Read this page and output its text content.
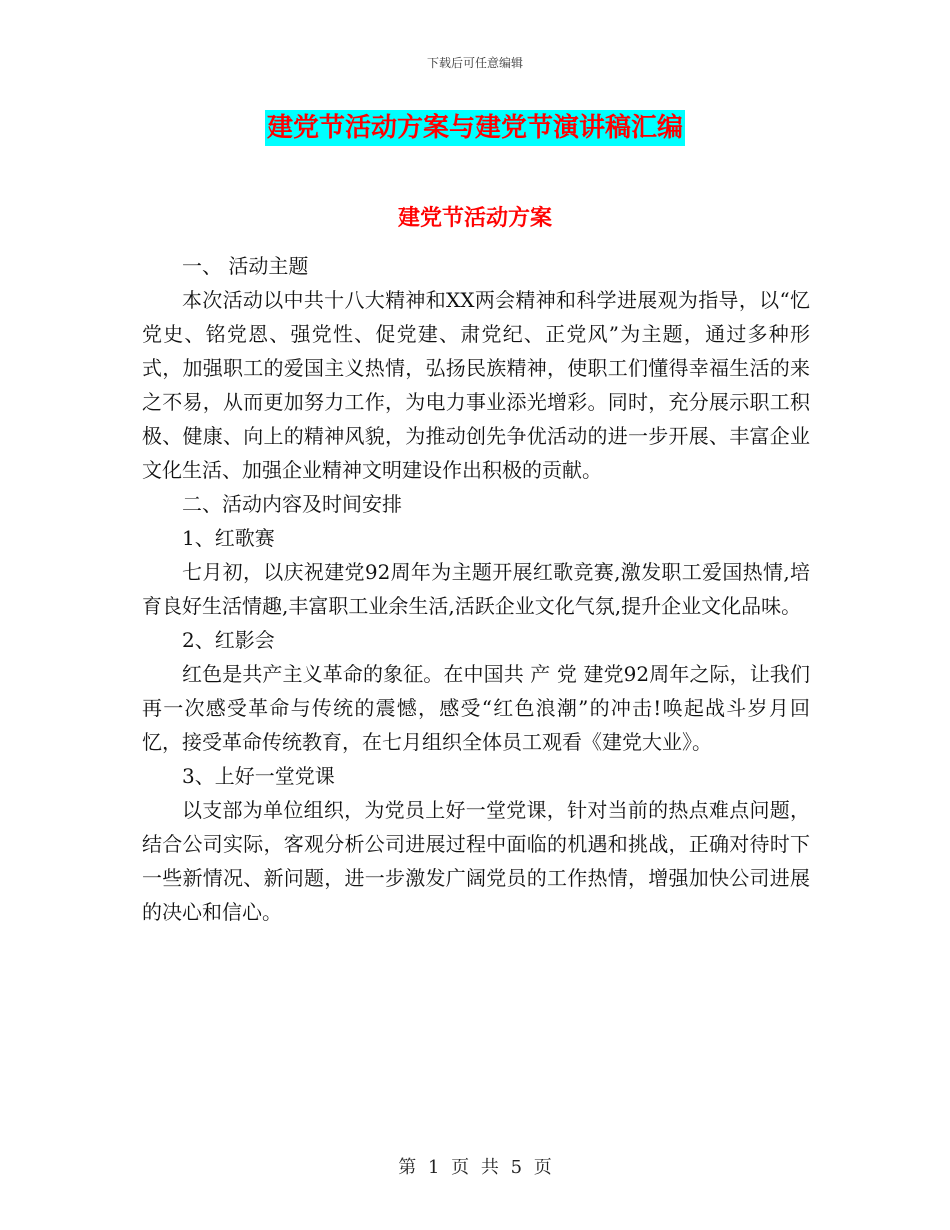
下载后可任意编辑
建党节活动方案与建党节演讲稿汇编
建党节活动方案

一、 活动主题

本次活动以中共十八大精神和XX两会精神和科学进展观为指导，以“忆党史、铭党恩、强党性、促党建、肃党纪、正党风”为主题，通过多种形式，加强职工的爱国主义热情，弘扬民族精神，使职工们懂得幸福生活的来之不易，从而更加努力工作，为电力事业添光增彩。同时，充分展示职工积极、健康、向上的精神风貌，为推动创先争优活动的进一步开展、丰富企业文化生活、加强企业精神文明建设作出积极的贡献。

二、活动内容及时间安排

1、红歌赛

七月初，以庆祝建党92周年为主题开展红歌竞赛,激发职工爱国热情,培育良好生活情趣,丰富职工业余生活,活跃企业文化气氛,提升企业文化品味。

2、红影会

红色是共产主义革命的象征。在中国共 产 党 建党92周年之际，让我们再一次感受革命与传统的震憾，感受“红色浪潮”的冲击!唤起战斗岁月回忆，接受革命传统教育，在七月组织全体员工观看《建党大业》。

3、上好一堂党课

以支部为单位组织，为党员上好一堂党课，针对当前的热点难点问题，结合公司实际，客观分析公司进展过程中面临的机遇和挑战，正确对待时下一些新情况、新问题，进一步激发广阔党员的工作热情，增强加快公司进展的决心和信心。

第 1 页 共 5 页
